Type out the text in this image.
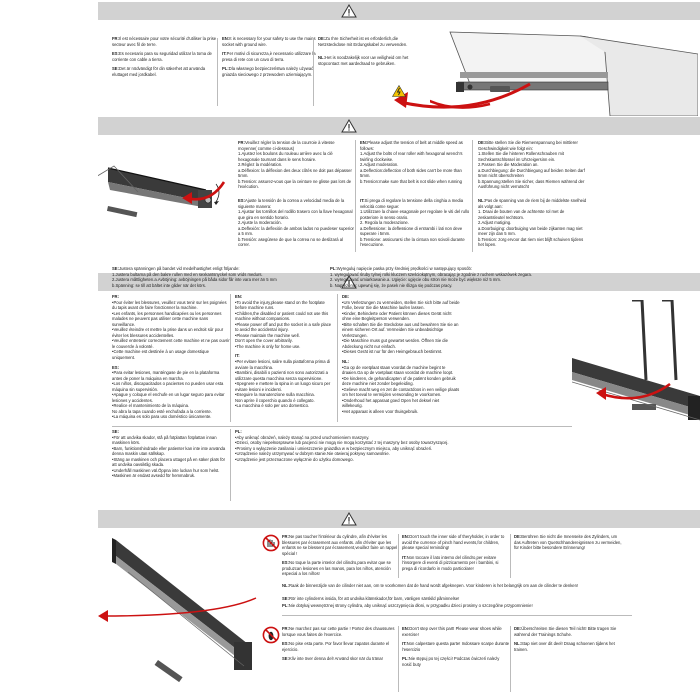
FR:Il est nécessaire pour votre sécurité d'utiliser la prise secteur avec fil de terre.
ES:Es necesario para su seguridad utilizar la toma de corriente con cable a tierra.
SE:Det är nödvändigt för din säkerhet att använda eluttaget med jordkabel.
EN:It is necessary for your safety to use the mains socket with ground wire.
IT:Per motivi di sicurezza,è necessario utilizzare la presa di rete con un cavo di terra.
PL:Dla własnego bezpieczeństwa należy używać gniazda sieciowego z przewodem uziemiającym.
DE:Zu Ihre Sicherheit ist es erforderlich,die Netzsteckdose mit Erdungskabel zu verwenden.
NL:Het is noodzakelijk voor uw veiligheid om het stopcontact met aardedraad te gebruiken.
FR:Veuillez régler la tension de la courroie à vitesse moyenne( comme ci-dessous)
1.Ajustez les boulons du rouleau arrière avec la clé hexagonale tournant dans le sens horaire.
2.Réglez la modération.
a.Déflexion: la déflexion des deux côtés ne doit pas dépasser 5mm.
b.Tension: assurez-vous que la ceinture ne glisse pas lors de l'exécution.
ES:Ajuste la tensión de la correa a velocidad media de la siguiente manera:
1.Ajustar los tornillos del rodillo trasero con la llave hexagonal que gira en sentido horario.
2.Ajuste la moderación.
a.Deflexión: la deflexión de ambos lados no puedeser superior a 5 mm.
b.Tensión: asegúrese de que la correa no se deslizará al correr.
EN:Please adjust the tension of belt at middle speed as follows:
1.Adjust the bolts of rear roller with hexagonal wrench's twirling clockwise.
2.Adjust moderation.
a.Deflection:deflection of both sides can't be more than 5mm.
b.Tension:make sure that belt is not slide when running
IT:Si prega di regolare la tensione della cinghia a media velocità come segue:
1.Utilizzare la chiave esagonale per regolare le viti del rullo posteriore in senso orario.
2. Regola la moderazione.
a.Deflessione: la deflessione di entrambi i lati non deve superare i 5mm.
b.Tensione: assicurarsi che la cintura non scivoli durante l'esecuzione.
DE:Bitte stellen Sie die Riemenspannung bei mittlerer Geschwindigkeit wie folgt ein:
1.Stellen Sie die hinteren Rollenschrauben mit Sechskantschlüssel im Uhrzeigersinn ein.
2.Passen Sie die Moderation an.
a.Durchbiegung: die Durchbiegung auf beiden Seiten darf 5mm nicht überschreiten
b.Spannung:stellen Sie sicher, dass Riemen während der Ausführung nicht verrutscht
NL:Pas de spanning van de riem bij de middelste snelheid als volgt aan:
1. Draai de bouten van de achterste rol met de zeskantsleutel rechtsom.
2.Adjust matiging.
a.Doorbuiging: doorbuiging van beide zijkanten mag niet meer zijn dan 5 mm.
b.Tension: zorg ervoor dat riem niet blijft schuiven tijdens het lopen.
SE:Justera spänningen på bandet vid medelhastighet enligt följande:
1.Justera bultarna på den bakre rullen med en sexkantsnyckel som vrids medurs.
2.Justera måttligheten.a.Avböjning: avböjningen på båda sidor får inte vara mer än 5 mm
b.Spänning: se till att bältet inte glider när det körs.
PL:Wyreguluj napięcie paska przy średniej prędkości w następujący sposób:
1. wyregulować śruby tylnej rolki kluczem sześciokątnym, obracając je zgodnie z ruchem wskazówek zegara.
2. wyregulować umiarkowanie.a. Ugięcie: ugięcie obu stron nie może być większe niż 5 mm.
b. Naprężenie: upewnij się, że pasek nie ślizga się podczas pracy.
FR:
•Pour éviter les blessures, veuillez vous tenir sur les poignées du tapis avant de faire fonctionner la machine.
•Les enfants, les personnes handicapées ou les personnes malades ne peuvent pas utiliser cette machine sans surveillance.
•Veuillez éteindre et mettre la prise dans un endroit sûr pour éviter les blessures accidentelles.
•Veuillez entretenir correctement cette machine et ne pas ouvrir le couvercle à volonté.
•Cette machine est destinée à un usage domestique uniquement.
ES:
•Para evitar lesiones, manténgase de pie en la plataforma antes de poner la máquina en marcha.
•Los niños, discapacitados o pacientes no pueden usar esta máquina sin supervisión.
•Apague y coloque el enchufe en un lugar seguro para evitar lesiones y accidentes.
•Realice el mantenimiento de la máquina.
No abra la tapa cuando esté enchufada a la corriente.
•La máquina es solo para uso doméstico únicamente.
EN:
•To avoid the injury,please stand on the footplate before machine runs.
•Children,the disabled or patient could not use this machine without companions.
•Please power off and put the socket in a safe place to avoid the accidental injury.
•Please maintain the machine well.
Don't open the cover arbitrarily.
•The machine is only for home use.
IT:
•Per evitare lesioni, salire sulla piattaforma prima di avviare la macchina.
•Bambini, disabili o pazienti non sono autorizzati a utilizzare questa macchina senza supervisione.
•Spegnere e mettere la spina in un luogo sicuro per evitare lesioni e incidenti.
•Eseguire la manutenzione sulla macchina.
Non aprire il coperchio quando è collegato.
•La macchina è solo per uso domestico.
DE:
•Um Verletzungen zu vermeiden, stellen Sie sich bitte auf beide Füße, bevor Sie die Maschine laufen lassen.
•Kinder, Behinderte oder Patient können dieses Gerät nicht ohne eine Begleitperson verwenden.
•Bitte schalten Sie die Steckdose aus und bewahren Sie sie an einem sicheren Ort auf. Vermeiden Sie unbeabsichtige Verletzungen.
•Die Maschine muss gut gewartet werden. Öffnen Sie die Abdeckung nicht nur einfach.
•Dieses Gerät ist nur für den Heimgebrauch bestimmt.
NL:
•Ga op de voetplaat staan voordat de machine begint te draaien.Ga op de voetplaat staan voordat de machine loopt.
•De kinderen, de gehandicapten of de patiënt konden gebruik deze machine niet zonder begeleiding.
•Gelieve macht weg en zet de contactdoos in een veilige plaats om het toeval te vermijden verwonding te voorkomen.
•Onderhoud het apparaat goed Open het deksel niet willekeurig.
•Het apparaat is alleen voor thuisgebruik.
SE:
•För att undvika skador, stå på fotplattan fotplattan innan maskinen körs.
•Barn, funktionshindrade eller patienter kan inte inte använda denna maskin utan sällskap.
•Stäng av maskinen och placera uttaget på en säker plats för att undvika oavsiktlig skada.
•Underhåll maskinen väl.Öppna inte luckan hur som helst.
•Maskinen är endast avsedd för hemmabruk.
PL:
•Aby uniknąć obrażeń, należy stanąć na przed uruchomieniem maszyny.
•Dzieci, osoby niepełnosprawne lub pacjenci nie mogą nie mogą korzystać z tej maszyny bez osoby towarzyszącej.
•Prosimy o wyłączenie zasilania i umieszczenie gniazdka w w bezpiecznym miejscu, aby uniknąć obrażeń.
•Urządzenie należy utrzymywać w dobrym stanie.Nie otwieraj pokrywy samowolnie.
•Urządzenie jest przeznaczone wyłącznie do użytku domowego.
FR:Ne pas toucher l'intérieur du cylindre, afin d'éviter les blessures par écrasement aux enfants. afin d'éviter que les enfants ne se blessent par écrasement,veuillez faire un rappel spécial !
ES:No toque la parte interior del cilindro,para evitar que se produzcan lesiones en las manos, para los niños, atención especial a los niños!
EN:Don't touch the inner side of theryholder, in order to avoid the currence of pinch hand events,for children, please special reminding!
IT:Non toccare il lato interno del cilindro,per evitare l'insorgere di eventi di pizzicamento per i bambini, si prega di ricordarlo in modo particolare!
DE:Berühren Sie nicht die Innenseite des Zylinders, um das Auftreten von Quetschhandereignissen zu vermeiden, für Kinder bitte besondere Erinnerung!
NL:Raak de binnenzijde van de cilinder niet aan, om te voorkomen dat de hand wordt afgeknepen. Voor kinderen is het belangrijk om aan de cilinder te denken!
SE:Rör inte cylinderns insida, för att undvika klämskador,för barn, vänligen särskild påminnelse!
PL:Nie dotykaj wewnętrznej strony cylindra, aby uniknąć uszczypnięcia dłoni, w przypadku dzieci prosimy o szczególne przypomnienie!
FR:Ne marchez pas sur cette partie ! Portez des chaussures lorsque vous faites de l'exercice.
ES:No pise esta parte. Por favor llevar zapatos durante el ejercicio.
SE:Kliv inte över denna del! Använd skor när du tränar
EN:Don't step over this part! Please wear shoes while exercise!
IT:Non calpestare questa parte! Indossare scarpe durante l'esercizio
PL:Nie stępuj po tej części! Podczas ćwiczeń należy nosić buty
DE:Überschreiten Sie diesen Teil nicht! Bitte tragen Sie während der Trainings Schuhe.
NL:Stap niet over dit deel! Draag schoenen tijdens het trainen.
